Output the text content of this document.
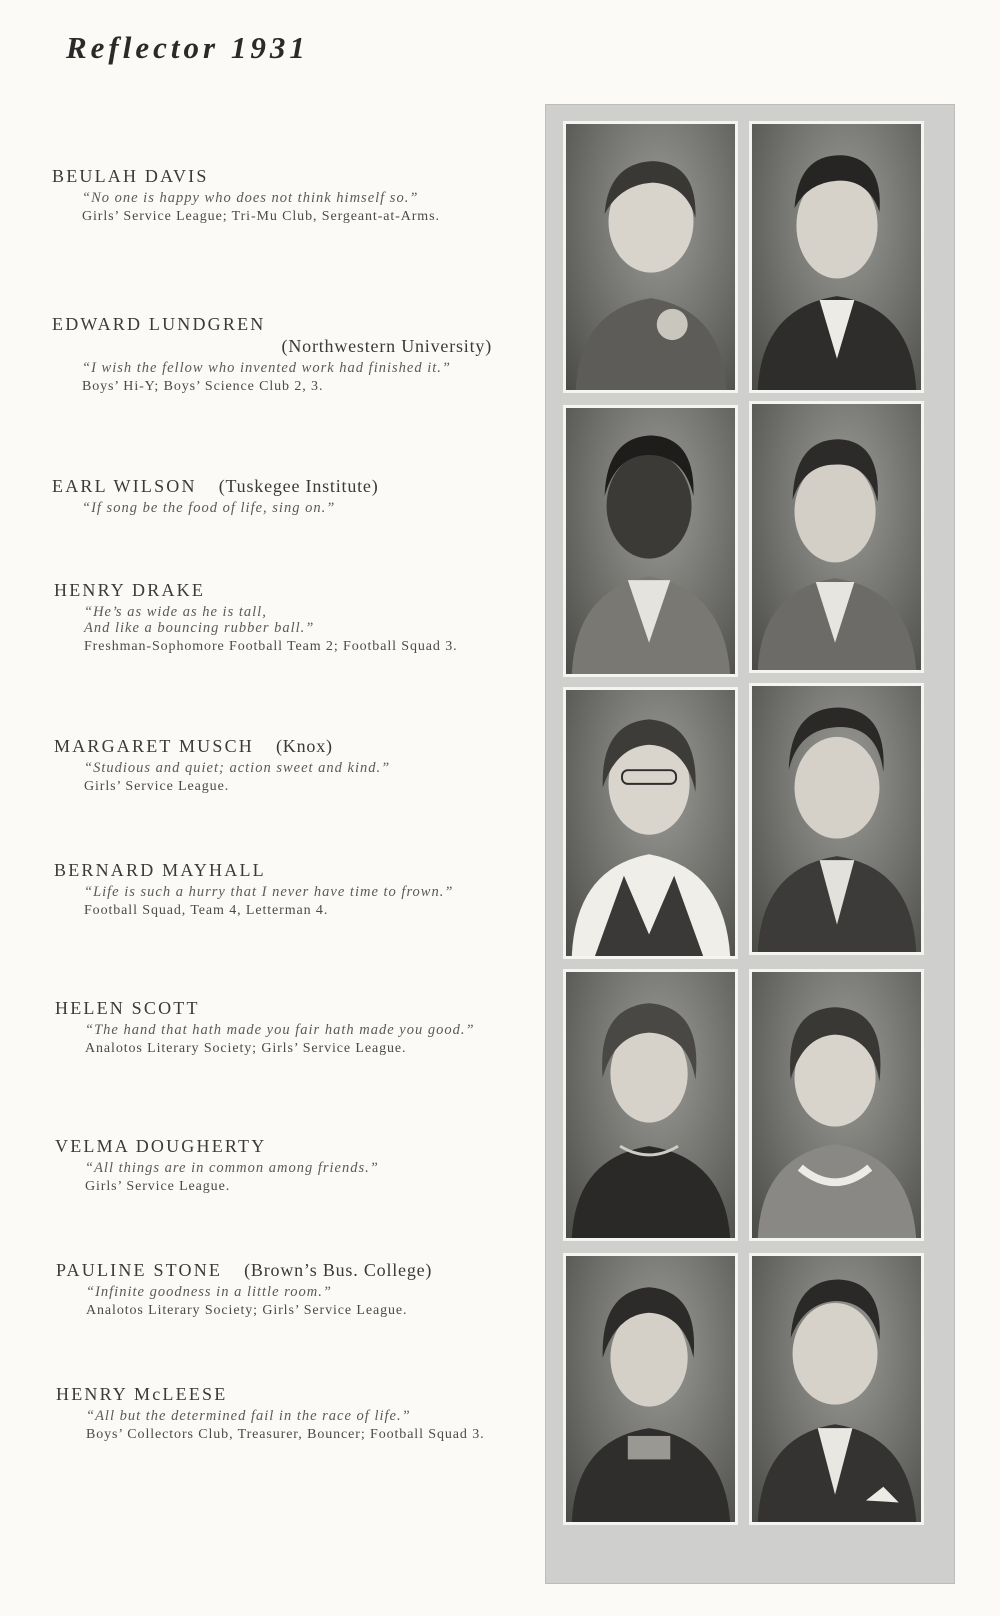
Reflector 1931
BEULAH DAVIS
“No one is happy who does not think himself so.”
Girls’ Service League; Tri-Mu Club, Sergeant-at-Arms.
EDWARD LUNDGREN
(Northwestern University)
“I wish the fellow who invented work had finished it.”
Boys’ Hi-Y; Boys’ Science Club 2, 3.
EARL WILSON (Tuskegee Institute)
“If song be the food of life, sing on.”
HENRY DRAKE
“He’s as wide as he is tall,
And like a bouncing rubber ball.”
Freshman-Sophomore Football Team 2; Football Squad 3.
MARGARET MUSCH (Knox)
“Studious and quiet; action sweet and kind.”
Girls’ Service League.
BERNARD MAYHALL
“Life is such a hurry that I never have time to frown.”
Football Squad, Team 4, Letterman 4.
HELEN SCOTT
“The hand that hath made you fair hath made you good.”
Analotos Literary Society; Girls’ Service League.
VELMA DOUGHERTY
“All things are in common among friends.”
Girls’ Service League.
PAULINE STONE (Brown’s Bus. College)
“Infinite goodness in a little room.”
Analotos Literary Society; Girls’ Service League.
HENRY McLEESE
“All but the determined fail in the race of life.”
Boys’ Collectors Club, Treasurer, Bouncer; Football Squad 3.
